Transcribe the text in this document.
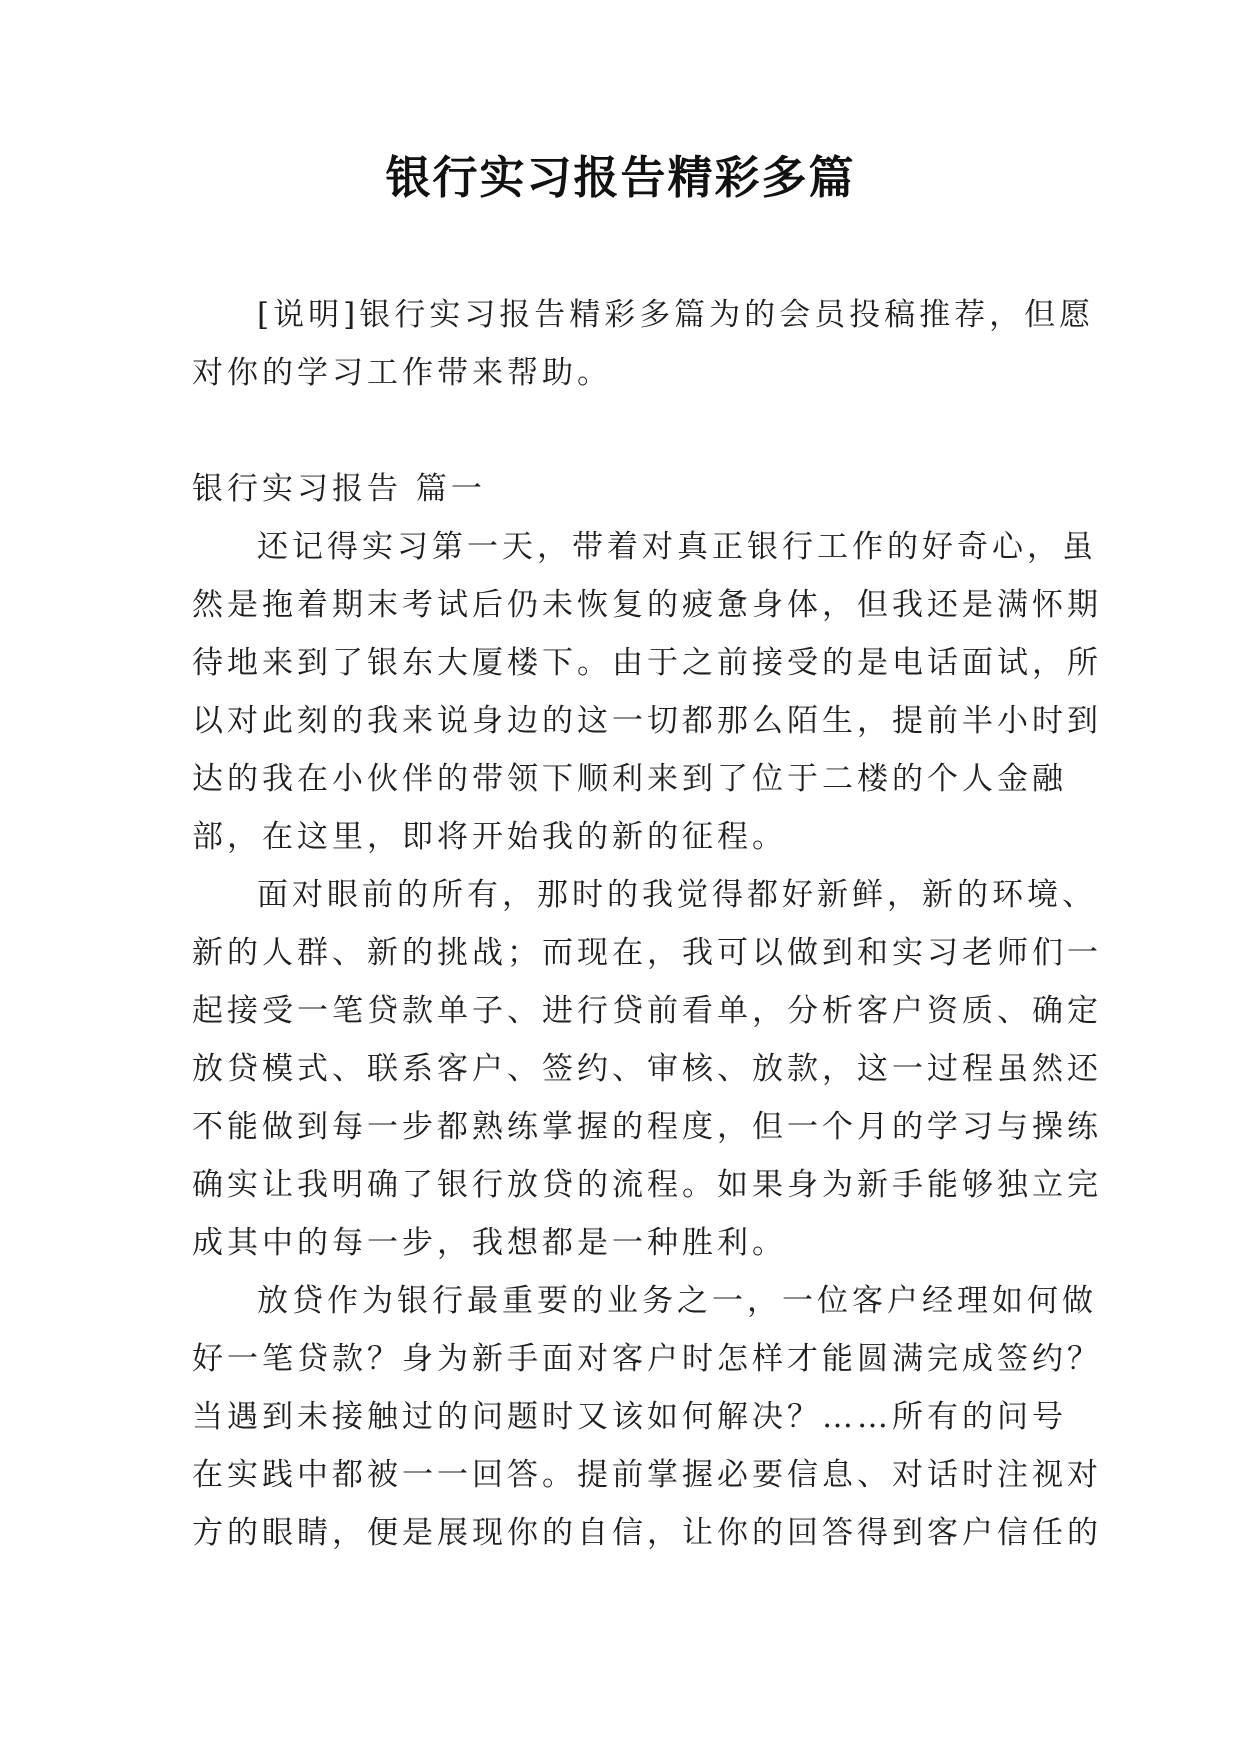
银行实习报告精彩多篇
[说明]银行实习报告精彩多篇为的会员投稿推荐，但愿
对你的学习工作带来帮助。
银行实习报告 篇一
还记得实习第一天，带着对真正银行工作的好奇心，虽
然是拖着期末考试后仍未恢复的疲惫身体，但我还是满怀期
待地来到了银东大厦楼下。由于之前接受的是电话面试，所
以对此刻的我来说身边的这一切都那么陌生，提前半小时到
达的我在小伙伴的带领下顺利来到了位于二楼的个人金融
部，在这里，即将开始我的新的征程。
面对眼前的所有，那时的我觉得都好新鲜，新的环境、
新的人群、新的挑战；而现在，我可以做到和实习老师们一
起接受一笔贷款单子、进行贷前看单，分析客户资质、确定
放贷模式、联系客户、签约、审核、放款，这一过程虽然还
不能做到每一步都熟练掌握的程度，但一个月的学习与操练
确实让我明确了银行放贷的流程。如果身为新手能够独立完
成其中的每一步，我想都是一种胜利。
放贷作为银行最重要的业务之一，一位客户经理如何做
好一笔贷款？身为新手面对客户时怎样才能圆满完成签约？
当遇到未接触过的问题时又该如何解决？……所有的问号
在实践中都被一一回答。提前掌握必要信息、对话时注视对
方的眼睛，便是展现你的自信，让你的回答得到客户信任的
